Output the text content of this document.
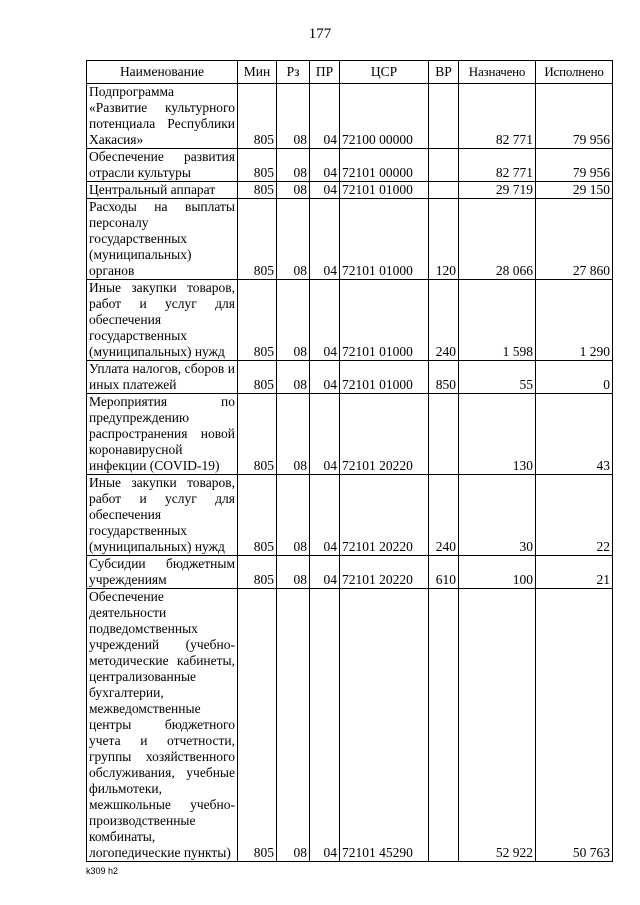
177
Наименование	Мин	Рз	ПР	ЦСР	ВР	Назначено	Исполнено
Подпрограмма «Развитие культурного потенциала Республики Хакасия»	805	08	04	72100 00000		82 771	79 956
Обеспечение развития отрасли культуры	805	08	04	72101 00000		82 771	79 956
Центральный аппарат	805	08	04	72101 01000		29 719	29 150
Расходы на выплаты персоналу государственных (муниципальных) органов	805	08	04	72101 01000	120	28 066	27 860
Иные закупки товаров, работ и услуг для обеспечения государственных (муниципальных) нужд	805	08	04	72101 01000	240	1 598	1 290
Уплата налогов, сборов и иных платежей	805	08	04	72101 01000	850	55	0
Мероприятия по предупреждению распространения новой коронавирусной инфекции (COVID-19)	805	08	04	72101 20220		130	43
Иные закупки товаров, работ и услуг для обеспечения государственных (муниципальных) нужд	805	08	04	72101 20220	240	30	22
Субсидии бюджетным учреждениям	805	08	04	72101 20220	610	100	21
Обеспечение деятельности подведомственных учреждений (учебно-методические кабинеты, централизованные бухгалтерии, межведомственные центры бюджетного учета и отчетности, группы хозяйственного обслуживания, учебные фильмотеки, межшкольные учебно-производственные комбинаты, логопедические пункты)	805	08	04	72101 45290		52 922	50 763
k309 h2
